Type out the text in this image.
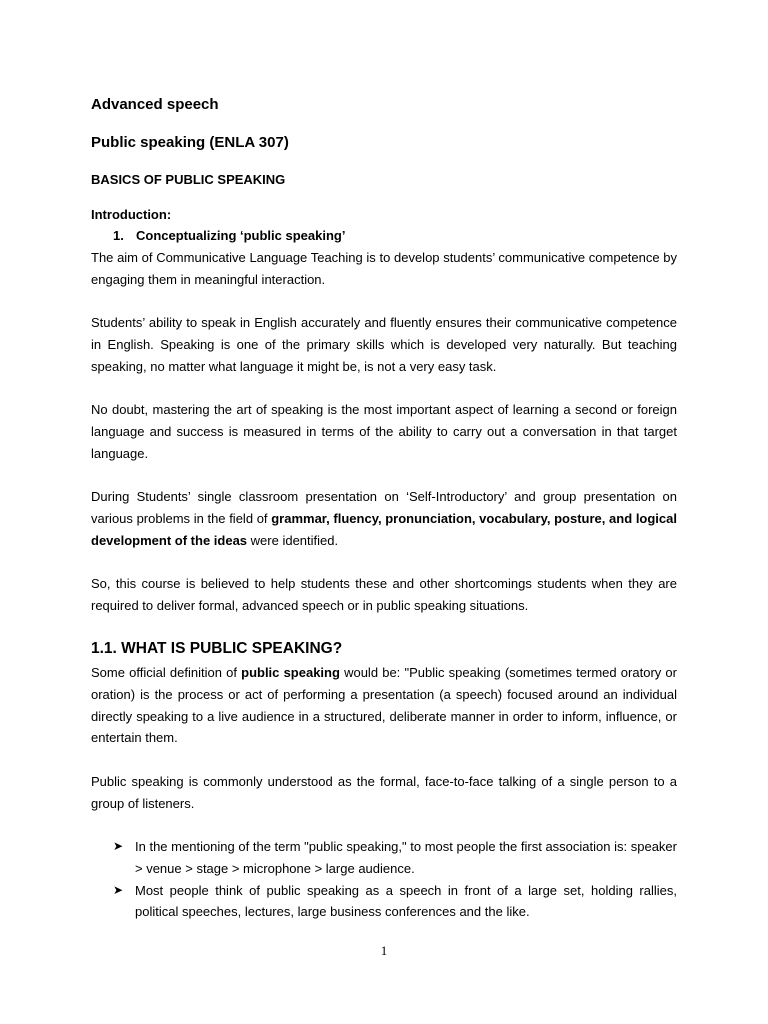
Advanced speech
Public speaking (ENLA 307)
BASICS OF PUBLIC SPEAKING
Introduction:
1. Conceptualizing ‘public speaking’

The aim of Communicative Language Teaching is to develop students’ communicative competence by engaging them in meaningful interaction.

Students’ ability to speak in English accurately and fluently ensures their communicative competence in English. Speaking is one of the primary skills which is developed very naturally. But teaching speaking, no matter what language it might be, is not a very easy task.

No doubt, mastering the art of speaking is the most important aspect of learning a second or foreign language and success is measured in terms of the ability to carry out a conversation in that target language.

During Students’ single classroom presentation on ‘Self-Introductory’ and group presentation on various problems in the field of grammar, fluency, pronunciation, vocabulary, posture, and logical development of the ideas were identified.

So, this course is believed to help students these and other shortcomings students when they are required to deliver formal, advanced speech or in public speaking situations.

1.1. WHAT IS PUBLIC SPEAKING?

Some official definition of public speaking would be: "Public speaking (sometimes termed oratory or oration) is the process or act of performing a presentation (a speech) focused around an individual directly speaking to a live audience in a structured, deliberate manner in order to inform, influence, or entertain them.

Public speaking is commonly understood as the formal, face-to-face talking of a single person to a group of listeners.

➤ In the mentioning of the term "public speaking," to most people the first association is: speaker > venue > stage > microphone > large audience.
➤ Most people think of public speaking as a speech in front of a large set, holding rallies, political speeches, lectures, large business conferences and the like.
1
